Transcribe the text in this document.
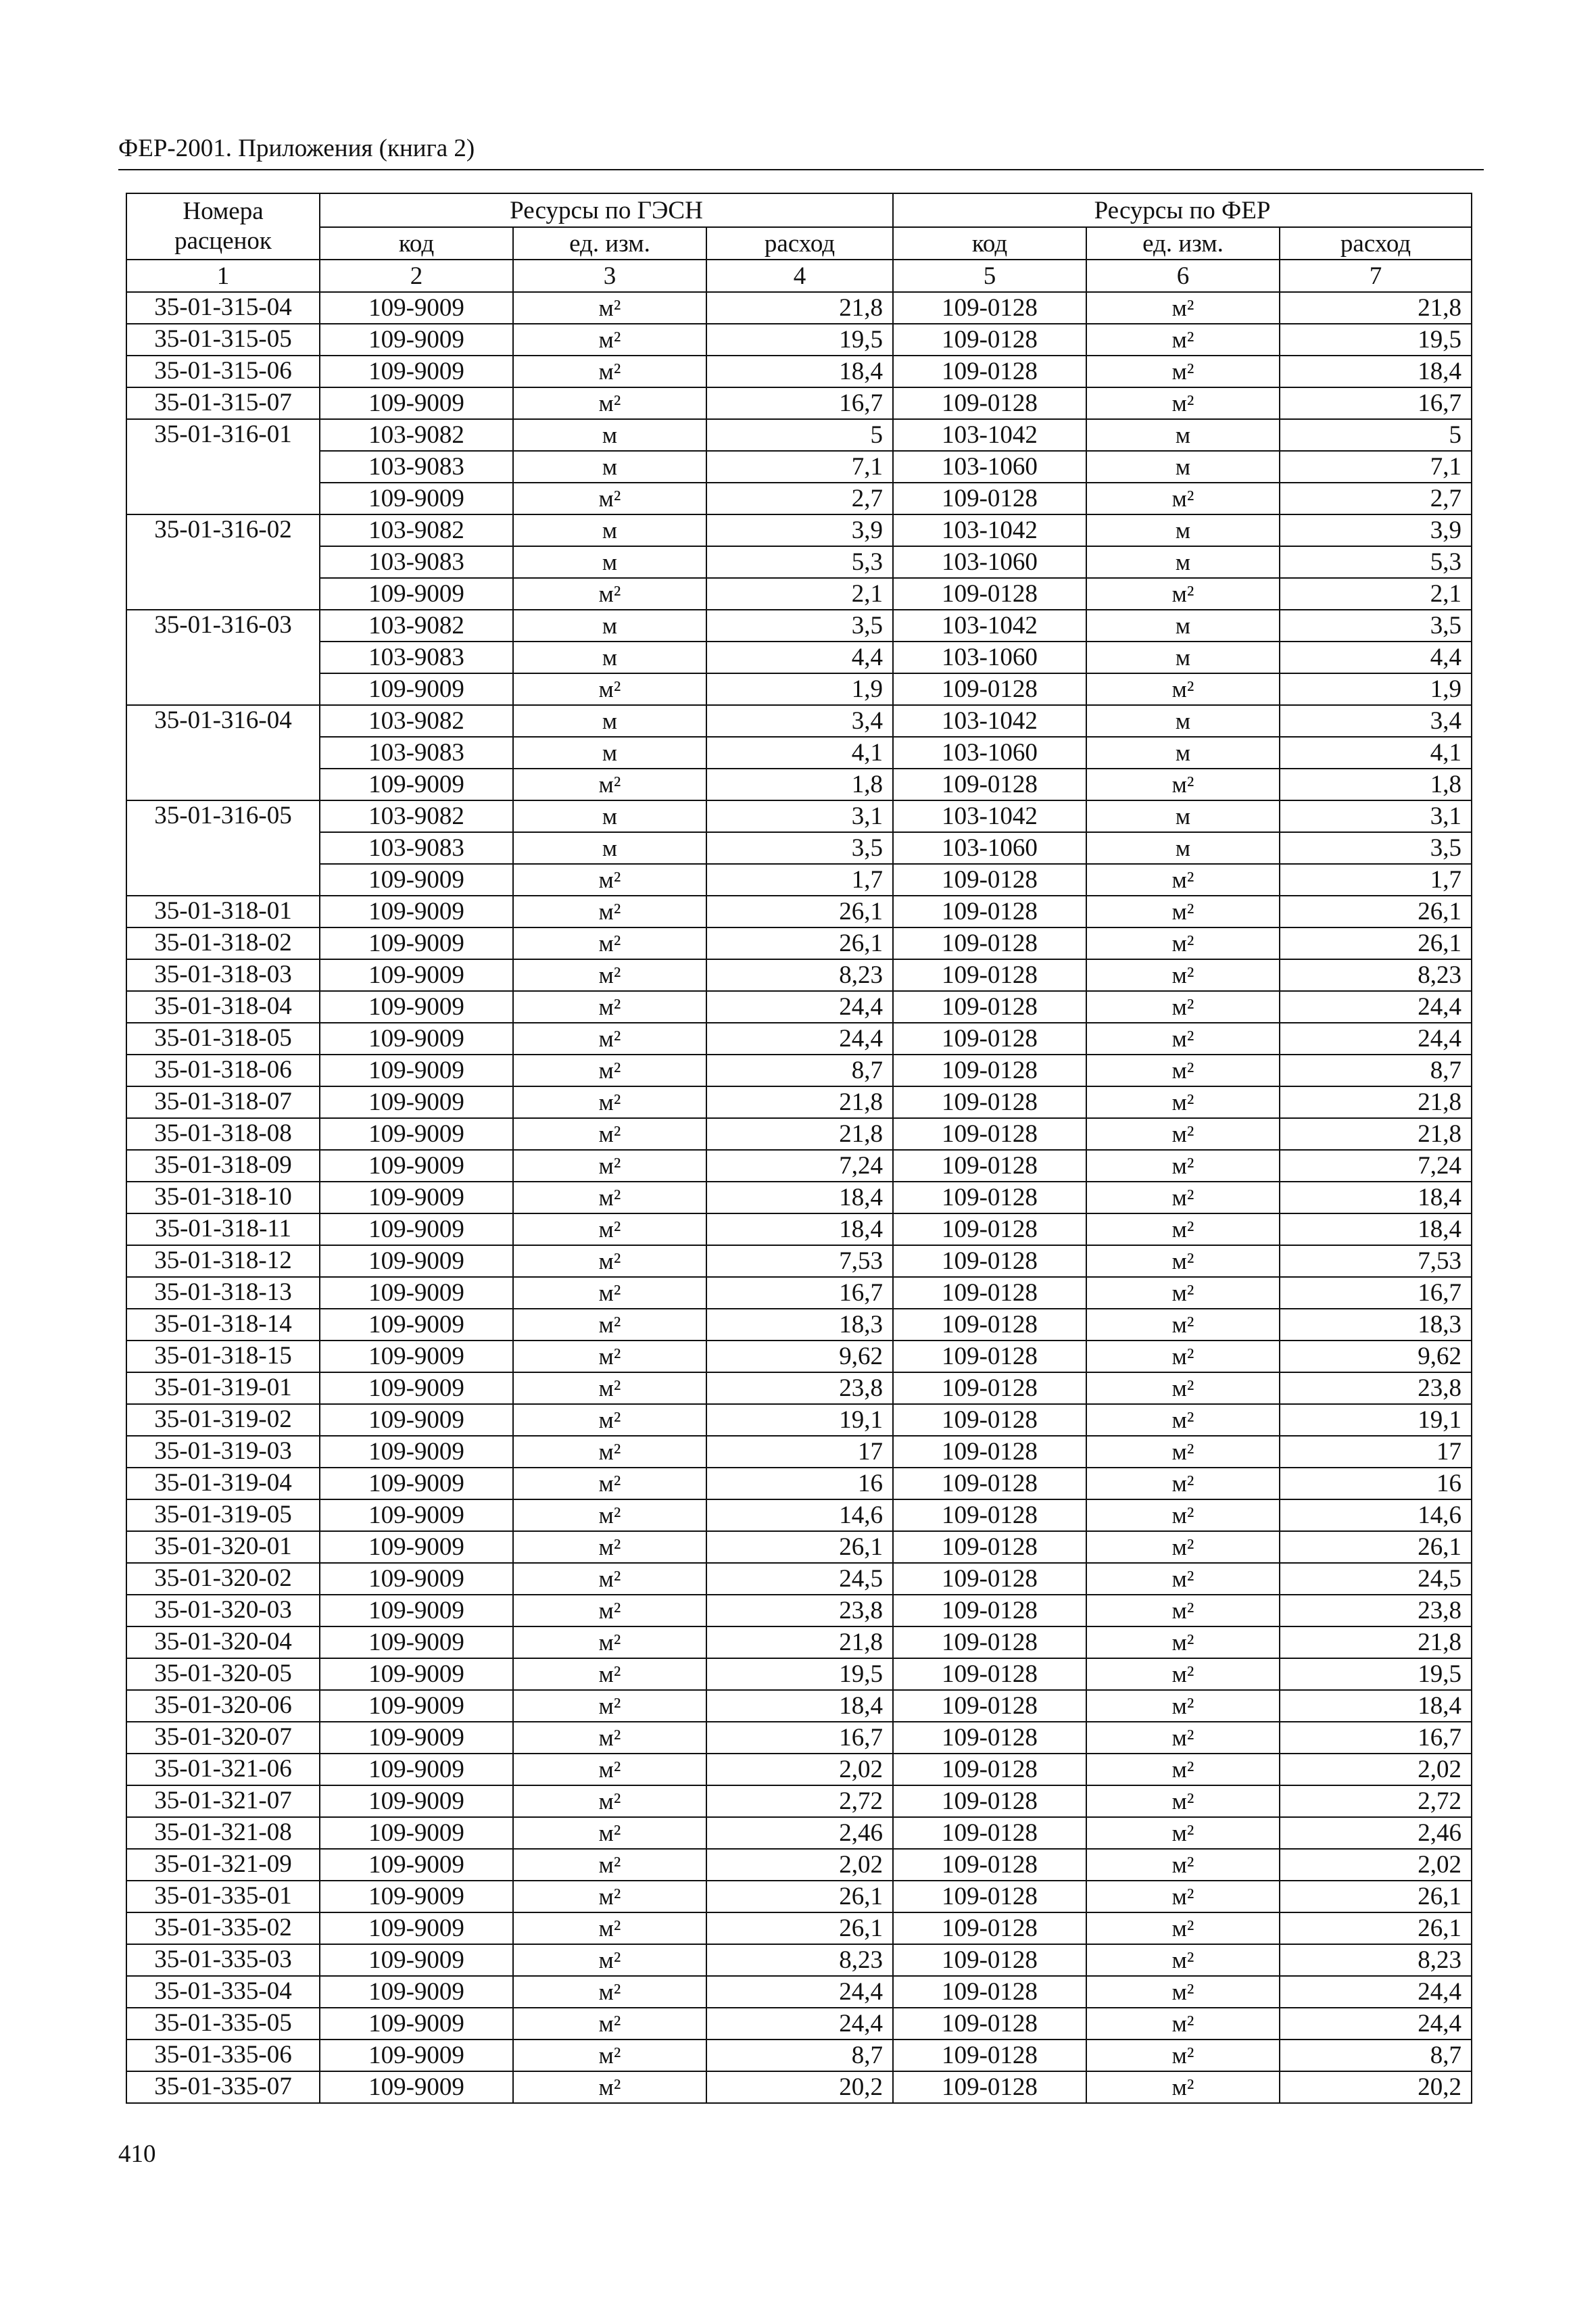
ФЕР-2001. Приложения (книга 2)
Номера
расценок	Ресурсы по ГЭСН			Ресурсы по ФЕР		
	код	ед. изм.	расход	код	ед. изм.	расход
1	2	3	4	5	6	7
35-01-315-04	109-9009	м²	21,8	109-0128	м²	21,8
35-01-315-05	109-9009	м²	19,5	109-0128	м²	19,5
35-01-315-06	109-9009	м²	18,4	109-0128	м²	18,4
35-01-315-07	109-9009	м²	16,7	109-0128	м²	16,7
35-01-316-01	103-9082	м	5	103-1042	м	5
	103-9083	м	7,1	103-1060	м	7,1
	109-9009	м²	2,7	109-0128	м²	2,7
35-01-316-02	103-9082	м	3,9	103-1042	м	3,9
	103-9083	м	5,3	103-1060	м	5,3
	109-9009	м²	2,1	109-0128	м²	2,1
35-01-316-03	103-9082	м	3,5	103-1042	м	3,5
	103-9083	м	4,4	103-1060	м	4,4
	109-9009	м²	1,9	109-0128	м²	1,9
35-01-316-04	103-9082	м	3,4	103-1042	м	3,4
	103-9083	м	4,1	103-1060	м	4,1
	109-9009	м²	1,8	109-0128	м²	1,8
35-01-316-05	103-9082	м	3,1	103-1042	м	3,1
	103-9083	м	3,5	103-1060	м	3,5
	109-9009	м²	1,7	109-0128	м²	1,7
35-01-318-01	109-9009	м²	26,1	109-0128	м²	26,1
35-01-318-02	109-9009	м²	26,1	109-0128	м²	26,1
35-01-318-03	109-9009	м²	8,23	109-0128	м²	8,23
35-01-318-04	109-9009	м²	24,4	109-0128	м²	24,4
35-01-318-05	109-9009	м²	24,4	109-0128	м²	24,4
35-01-318-06	109-9009	м²	8,7	109-0128	м²	8,7
35-01-318-07	109-9009	м²	21,8	109-0128	м²	21,8
35-01-318-08	109-9009	м²	21,8	109-0128	м²	21,8
35-01-318-09	109-9009	м²	7,24	109-0128	м²	7,24
35-01-318-10	109-9009	м²	18,4	109-0128	м²	18,4
35-01-318-11	109-9009	м²	18,4	109-0128	м²	18,4
35-01-318-12	109-9009	м²	7,53	109-0128	м²	7,53
35-01-318-13	109-9009	м²	16,7	109-0128	м²	16,7
35-01-318-14	109-9009	м²	18,3	109-0128	м²	18,3
35-01-318-15	109-9009	м²	9,62	109-0128	м²	9,62
35-01-319-01	109-9009	м²	23,8	109-0128	м²	23,8
35-01-319-02	109-9009	м²	19,1	109-0128	м²	19,1
35-01-319-03	109-9009	м²	17	109-0128	м²	17
35-01-319-04	109-9009	м²	16	109-0128	м²	16
35-01-319-05	109-9009	м²	14,6	109-0128	м²	14,6
35-01-320-01	109-9009	м²	26,1	109-0128	м²	26,1
35-01-320-02	109-9009	м²	24,5	109-0128	м²	24,5
35-01-320-03	109-9009	м²	23,8	109-0128	м²	23,8
35-01-320-04	109-9009	м²	21,8	109-0128	м²	21,8
35-01-320-05	109-9009	м²	19,5	109-0128	м²	19,5
35-01-320-06	109-9009	м²	18,4	109-0128	м²	18,4
35-01-320-07	109-9009	м²	16,7	109-0128	м²	16,7
35-01-321-06	109-9009	м²	2,02	109-0128	м²	2,02
35-01-321-07	109-9009	м²	2,72	109-0128	м²	2,72
35-01-321-08	109-9009	м²	2,46	109-0128	м²	2,46
35-01-321-09	109-9009	м²	2,02	109-0128	м²	2,02
35-01-335-01	109-9009	м²	26,1	109-0128	м²	26,1
35-01-335-02	109-9009	м²	26,1	109-0128	м²	26,1
35-01-335-03	109-9009	м²	8,23	109-0128	м²	8,23
35-01-335-04	109-9009	м²	24,4	109-0128	м²	24,4
35-01-335-05	109-9009	м²	24,4	109-0128	м²	24,4
35-01-335-06	109-9009	м²	8,7	109-0128	м²	8,7
35-01-335-07	109-9009	м²	20,2	109-0128	м²	20,2
410
